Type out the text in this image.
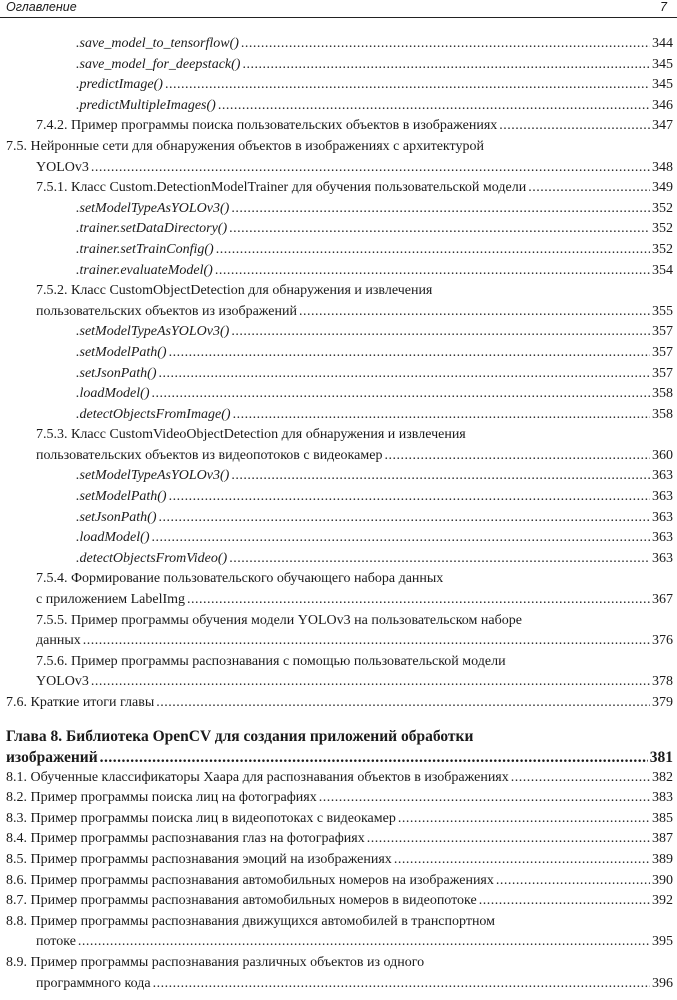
Оглавление	7
.save_model_to_tensorflow() .....	344
.save_model_for_deepstack() .....	345
.predictImage() .....	345
.predictMultipleImages() .....	346
7.4.2. Пример программы поиска пользовательских объектов в изображениях .....	347
7.5. Нейронные сети для обнаружения объектов в изображениях с архитектурой
YOLOv3 .....	348
7.5.1. Класс Custom.DetectionModelTrainer для обучения пользовательской модели .....	349
.setModelTypeAsYOLOv3() .....	352
.trainer.setDataDirectory() .....	352
.trainer.setTrainConfig() .....	352
.trainer.evaluateModel() .....	354
7.5.2. Класс CustomObjectDetection для обнаружения и извлечения
пользовательских объектов из изображений .....	355
.setModelTypeAsYOLOv3() .....	357
.setModelPath() .....	357
.setJsonPath() .....	357
.loadModel() .....	358
.detectObjectsFromImage() .....	358
7.5.3. Класс CustomVideoObjectDetection для обнаружения и извлечения
пользовательских объектов из видеопотоков с видеокамер .....	360
.setModelTypeAsYOLOv3() .....	363
.setModelPath() .....	363
.setJsonPath() .....	363
.loadModel() .....	363
.detectObjectsFromVideo() .....	363
7.5.4. Формирование пользовательского обучающего набора данных
с приложением LabelImg .....	367
7.5.5. Пример программы обучения модели YOLOv3 на пользовательском наборе
данных .....	376
7.5.6. Пример программы распознавания с помощью пользовательской модели
YOLOv3 .....	378
7.6. Краткие итоги главы .....	379
Глава 8. Библиотека OpenCV для создания приложений обработки
изображений .....	381
8.1. Обученные классификаторы Хаара для распознавания объектов в изображениях .....	382
8.2. Пример программы поиска лиц на фотографиях .....	383
8.3. Пример программы поиска лиц в видеопотоках с видеокамер .....	385
8.4. Пример программы распознавания глаз на фотографиях .....	387
8.5. Пример программы распознавания эмоций на изображениях .....	389
8.6. Пример программы распознавания автомобильных номеров на изображениях .....	390
8.7. Пример программы распознавания автомобильных номеров в видеопотоке .....	392
8.8. Пример программы распознавания движущихся автомобилей в транспортном
потоке .....	395
8.9. Пример программы распознавания различных объектов из одного
программного кода .....	396
